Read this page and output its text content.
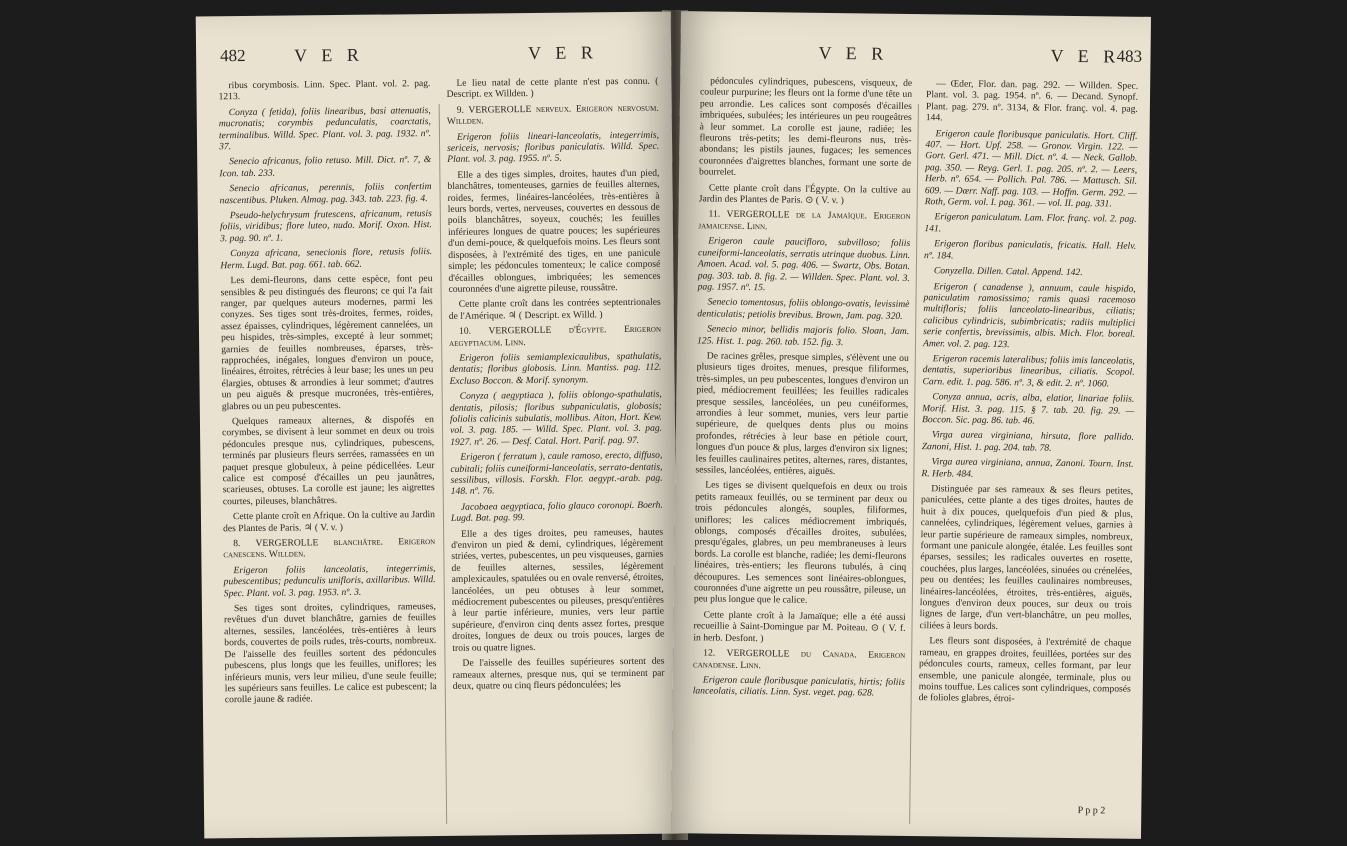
482	V E R	V E R

ribus corymbosis. Linn. Spec. Plant. vol. 2. pag. 1213.

Conyza ( fetida), foliis linearibus, basi attenuatis, mucronatis; corymbis pedunculatis, coarctatis, terminalibus. Willd. Spec. Plant. vol. 3. pag. 1932. nº. 37.

Senecio africanus, folio retuso. Mill. Dict. nº. 7, & Icon. tab. 233.

Senecio africanus, perennis, foliis confertim nascentibus. Pluken. Almag. pag. 343. tab. 223. fig. 4.

Pseudo-helychrysum frutescens, africanum, retusis foliis, viridibus; flore luteo, nudo. Morif. Oxon. Hist. 3. pag. 90. nº. 1.

Conyza africana, senecionis flore, retusis foliis. Herm. Lugd. Bat. pag. 661. tab. 662.

Les demi-fleurons, dans cette espèce, font peu sensibles & peu distingués des fleurons; ce qui l'a fait ranger, par quelques auteurs modernes, parmi les conyzes. Ses tiges sont très-droites, fermes, roides, assez épaisses, cylindriques, légèrement cannelées, un peu hispides, très-simples, excepté à leur sommet; garnies de feuilles nombreuses, éparses, très-rapprochées, inégales, longues d'environ un pouce, linéaires, étroites, rétrécies à leur base; les unes un peu élargies, obtuses & arrondies à leur sommet; d'autres un peu aiguës & presque mucronées, très-entières, glabres ou un peu pubescentes.

Quelques rameaux alternes, & dispofés en corymbes, se divisent à leur sommet en deux ou trois pédoncules presque nus, cylindriques, pubescens, terminés par plusieurs fleurs serrées, ramassées en un paquet presque globuleux, à peine pédicellées. Leur calice est composé d'écailles un peu jaunâtres, scarieuses, obtuses. La corolle est jaune; les aigrettes courtes, pileuses, blanchâtres.

Cette plante croît en Afrique. On la cultive au Jardin des Plantes de Paris. ♃ ( V. v. )

8. VERGEROLLE blanchâtre. Erigeron canescens. Willden.

Erigeron foliis lanceolatis, integerrimis, pubescentibus; pedunculis unifloris, axillaribus. Willd. Spec. Plant. vol. 3. pag. 1953. nº. 3.

Ses tiges sont droites, cylindriques, rameuses, revêtues d'un duvet blanchâtre, garnies de feuilles alternes, sessiles, lancéolées, très-entières à leurs bords, couvertes de poils rudes, très-courts, nombreux. De l'aisselle des feuilles sortent des pédoncules pubescens, plus longs que les feuilles, uniflores; les inférieurs munis, vers leur milieu, d'une seule feuille; les supérieurs sans feuilles. Le calice est pubescent; la corolle jaune & radiée.

Le lieu natal de cette plante n'est pas connu. ( Descript. ex Willden. )

9. VERGEROLLE nerveux. Erigeron nervosum. Willden.

Erigeron foliis lineari-lanceolatis, integerrimis, sericeis, nervosis; floribus paniculatis. Willd. Spec. Plant. vol. 3. pag. 1955. nº. 5.

Elle a des tiges simples, droites, hautes d'un pied, blanchâtres, tomenteuses, garnies de feuilles alternes, roides, fermes, linéaires-lancéolées, très-entières à leurs bords, vertes, nerveuses, couvertes en dessous de poils blanchâtres, soyeux, couchés; les feuilles inférieures longues de quatre pouces; les supérieures d'un demi-pouce, & quelquefois moins. Les fleurs sont disposées, à l'extrémité des tiges, en une panicule simple; les pédoncules tomenteux; le calice composé d'écailles oblongues, imbriquées; les semences couronnées d'une aigrette pileuse, roussâtre.

Cette plante croît dans les contrées septentrionales de l'Amérique. ♃ ( Descript. ex Willd. )

10. VERGEROLLE d'Égypte. Erigeron aegyptiacum. Linn.

Erigeron foliis semiamplexicaulibus, spathulatis, dentatis; floribus globosis. Linn. Mantiss. pag. 112. Excluso Boccon. & Morif. synonym.

Conyza ( aegyptiaca ), foliis oblongo-spathulatis, dentatis, pilosis; floribus subpaniculatis, globosis; foliolis calicinis subulatis, mollibus. Aiton, Hort. Kew. vol. 3. pag. 185. — Willd. Spec. Plant. vol. 3. pag. 1927. nº. 26. — Desf. Catal. Hort. Parif. pag. 97.

Erigeron ( ferratum ), caule ramoso, erecto, diffuso, cubitali; foliis cuneiformi-lanceolatis, serrato-dentatis, sessilibus, villosis. Forskh. Flor. aegypt.-arab. pag. 148. nº. 76.

Jacobaea aegyptiaca, folio glauco coronopi. Boerh. Lugd. Bat. pag. 99.

Elle a des tiges droites, peu rameuses, hautes d'environ un pied & demi, cylindriques, légèrement striées, vertes, pubescentes, un peu visqueuses, garnies de feuilles alternes, sessiles, légèrement amplexicaules, spatulées ou en ovale renversé, étroites, lancéolées, un peu obtuses à leur sommet, médiocrement pubescentes ou pileuses, presqu'entières à leur partie inférieure, munies, vers leur partie supérieure, d'environ cinq dents assez fortes, presque droites, longues de deux ou trois pouces, larges de trois ou quatre lignes.

De l'aisselle des feuilles supérieures sortent des rameaux alternes, presque nus, qui se terminent par deux, quatre ou cinq fleurs pédonculées; les

V E R	V E R
483

pédoncules cylindriques, pubescens, visqueux, de couleur purpurine; les fleurs ont la forme d'une tête un peu arrondie. Les calices sont composés d'écailles imbriquées, subulées; les intérieures un peu rougeâtres à leur sommet. La corolle est jaune, radiée; les fleurons très-petits; les demi-fleurons nus, très-abondans; les pistils jaunes, fugaces; les semences couronnées d'aigrettes blanches, formant une sorte de bourrelet.

Cette plante croît dans l'Égypte. On la cultive au Jardin des Plantes de Paris. ⊙ ( V. v. )

11. VERGEROLLE de la Jamaïque. Erigeron jamaicense. Linn.

Erigeron caule paucifloro, subvilloso; foliis cuneiformi-lanceolatis, serratis utrinque duobus. Linn. Amoen. Acad. vol. 5. pag. 406. — Swartz, Obs. Botan. pag. 303. tab. 8. fig. 2. — Willden. Spec. Plant. vol. 3. pag. 1957. nº. 15.

Senecio tomentosus, foliis oblongo-ovatis, levissimè denticulatis; petiolis brevibus. Brown, Jam. pag. 320.

Senecio minor, bellidis majoris folio. Sloan, Jam. 125. Hist. 1. pag. 260. tab. 152. fig. 3.

De racines grêles, presque simples, s'élèvent une ou plusieurs tiges droites, menues, presque filiformes, très-simples, un peu pubescentes, longues d'environ un pied, médiocrement feuillées; les feuilles radicales presque sessiles, lancéolées, un peu cunéiformes, arrondies à leur sommet, munies, vers leur partie supérieure, de quelques dents plus ou moins profondes, rétrécies à leur base en pétiole court, longues d'un pouce & plus, larges d'environ six lignes; les feuilles caulinaires petites, alternes, rares, distantes, sessiles, lancéolées, entières, aiguës.

Les tiges se divisent quelquefois en deux ou trois petits rameaux feuillés, ou se terminent par deux ou trois pédoncules alongés, souples, filiformes, uniflores; les calices médiocrement imbriqués, oblongs, composés d'écailles droites, subulées, presqu'égales, glabres, un peu membraneuses à leurs bords. La corolle est blanche, radiée; les demi-fleurons linéaires, très-entiers; les fleurons tubulés, à cinq découpures. Les semences sont linéaires-oblongues, couronnées d'une aigrette un peu roussâtre, pileuse, un peu plus longue que le calice.

Cette plante croît à la Jamaïque; elle a été aussi recueillie à Saint-Domingue par M. Poiteau. ⊙ ( V. f. in herb. Desfont. )

12. VERGEROLLE du Canada. Erigeron canadense. Linn.

Erigeron caule floribusque paniculatis, hirtis; foliis lanceolatis, ciliatis. Linn. Syst. veget. pag. 628.

— Œder, Flor. dan. pag. 292. — Willden. Spec. Plant. vol. 3. pag. 1954. nº. 6. — Decand. Synopf. Plant. pag. 279. nº. 3134, & Flor. franç. vol. 4. pag. 144.

Erigeron caule floribusque paniculatis. Hort. Cliff. 407. — Hort. Upf. 258. — Gronov. Virgin. 122. — Gort. Gerl. 471. — Mill. Dict. nº. 4. — Neck. Gallob. pag. 350. — Reyg. Gerl. 1. pag. 205. nº. 2. — Leers, Herb. nº. 654. — Pollich. Pal. 786. — Mattusch. Sil. 609. — Dœrr. Naff. pag. 103. — Hoffm. Germ. 292. — Roth, Germ. vol. I. pag. 361. — vol. II. pag. 331.

Erigeron paniculatum. Lam. Flor. franç. vol. 2. pag. 141.

Erigeron floribus paniculatis, fricatis. Hall. Helv. nº. 184.

Conyzella. Dillen. Catal. Append. 142.

Erigeron ( canadense ), annuum, caule hispido, paniculatim ramosissimo; ramis quasi racemoso multifloris; foliis lanceolato-linearibus, ciliatis; calicibus cylindricis, subimbricatis; radiis multiplici serie confertis, brevissimis, albis. Mich. Flor. boreal. Amer. vol. 2. pag. 123.

Erigeron racemis lateralibus; foliis imis lanceolatis, dentatis, superioribus linearibus, ciliatis. Scopol. Carn. edit. 1. pag. 586. nº. 3, & edit. 2. nº. 1060.

Conyza annua, acris, alba, elatior, linariae foliis. Morif. Hist. 3. pag. 115. § 7. tab. 20. fig. 29. — Boccon. Sic. pag. 86. tab. 46.

Virga aurea virginiana, hirsuta, flore pallido. Zanoni, Hist. 1. pag. 204. tab. 78.

Virga aurea virginiana, annua, Zanoni. Tourn. Inst. R. Herb. 484.

Distinguée par ses rameaux & ses fleurs petites, paniculées, cette plante a des tiges droites, hautes de huit à dix pouces, quelquefois d'un pied & plus, cannelées, cylindriques, légèrement velues, garnies à leur partie supérieure de rameaux simples, nombreux, formant une panicule alongée, étalée. Les feuilles sont éparses, sessiles; les radicales ouvertes en rosette, couchées, plus larges, lancéolées, sinuées ou crénelées, peu ou dentées; les feuilles caulinaires nombreuses, linéaires-lancéolées, étroites, très-entières, aiguës, longues d'environ deux pouces, sur deux ou trois lignes de large, d'un vert-blanchâtre, un peu molles, ciliées à leurs bords.

Les fleurs sont disposées, à l'extrémité de chaque rameau, en grappes droites, feuillées, portées sur des pédoncules courts, rameux, celles formant, par leur ensemble, une panicule alongée, terminale, plus ou moins touffue. Les calices sont cylindriques, composés de folioles glabres, étroi-

P p p 2
